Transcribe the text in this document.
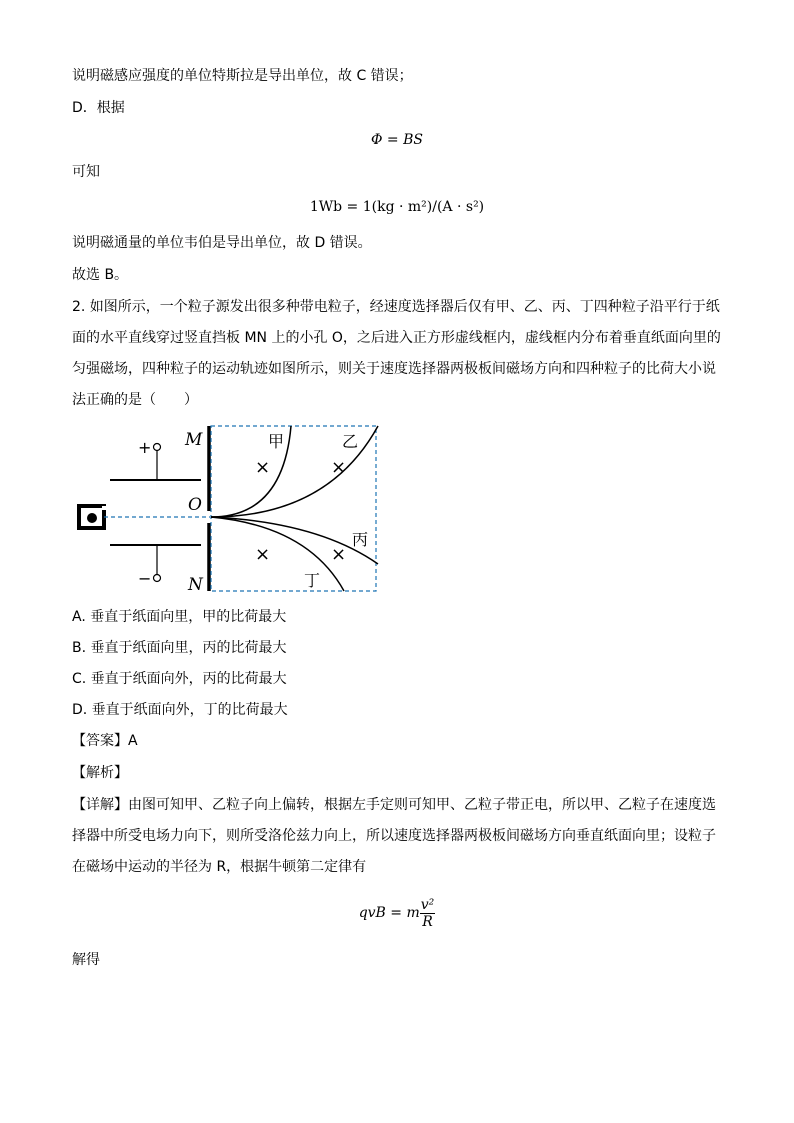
说明磁感应强度的单位特斯拉是导出单位，故 C 错误；
D．根据
Φ = BS
可知
1Wb = 1(kg · m²)/(A · s²)
说明磁通量的单位韦伯是导出单位，故 D 错误。
故选 B。
2. 如图所示，一个粒子源发出很多种带电粒子，经速度选择器后仅有甲、乙、丙、丁四种粒子沿平行于纸
面的水平直线穿过竖直挡板 MN 上的小孔 O，之后进入正方形虚线框内，虚线框内分布着垂直纸面向里的
匀强磁场，四种粒子的运动轨迹如图所示，则关于速度选择器两极板间磁场方向和四种粒子的比荷大小说
法正确的是（　　）
+
−
M
O
N
×	×
×	×
甲	乙
丙
丁
A. 垂直于纸面向里，甲的比荷最大
B. 垂直于纸面向里，丙的比荷最大
C. 垂直于纸面向外，丙的比荷最大
D. 垂直于纸面向外，丁的比荷最大
【答案】A
【解析】
【详解】由图可知甲、乙粒子向上偏转，根据左手定则可知甲、乙粒子带正电，所以甲、乙粒子在速度选
择器中所受电场力向下，则所受洛伦兹力向上，所以速度选择器两极板间磁场方向垂直纸面向里；设粒子
在磁场中运动的半径为 R，根据牛顿第二定律有
qvB = m $\frac{\text{v²}}{R}$
解得
